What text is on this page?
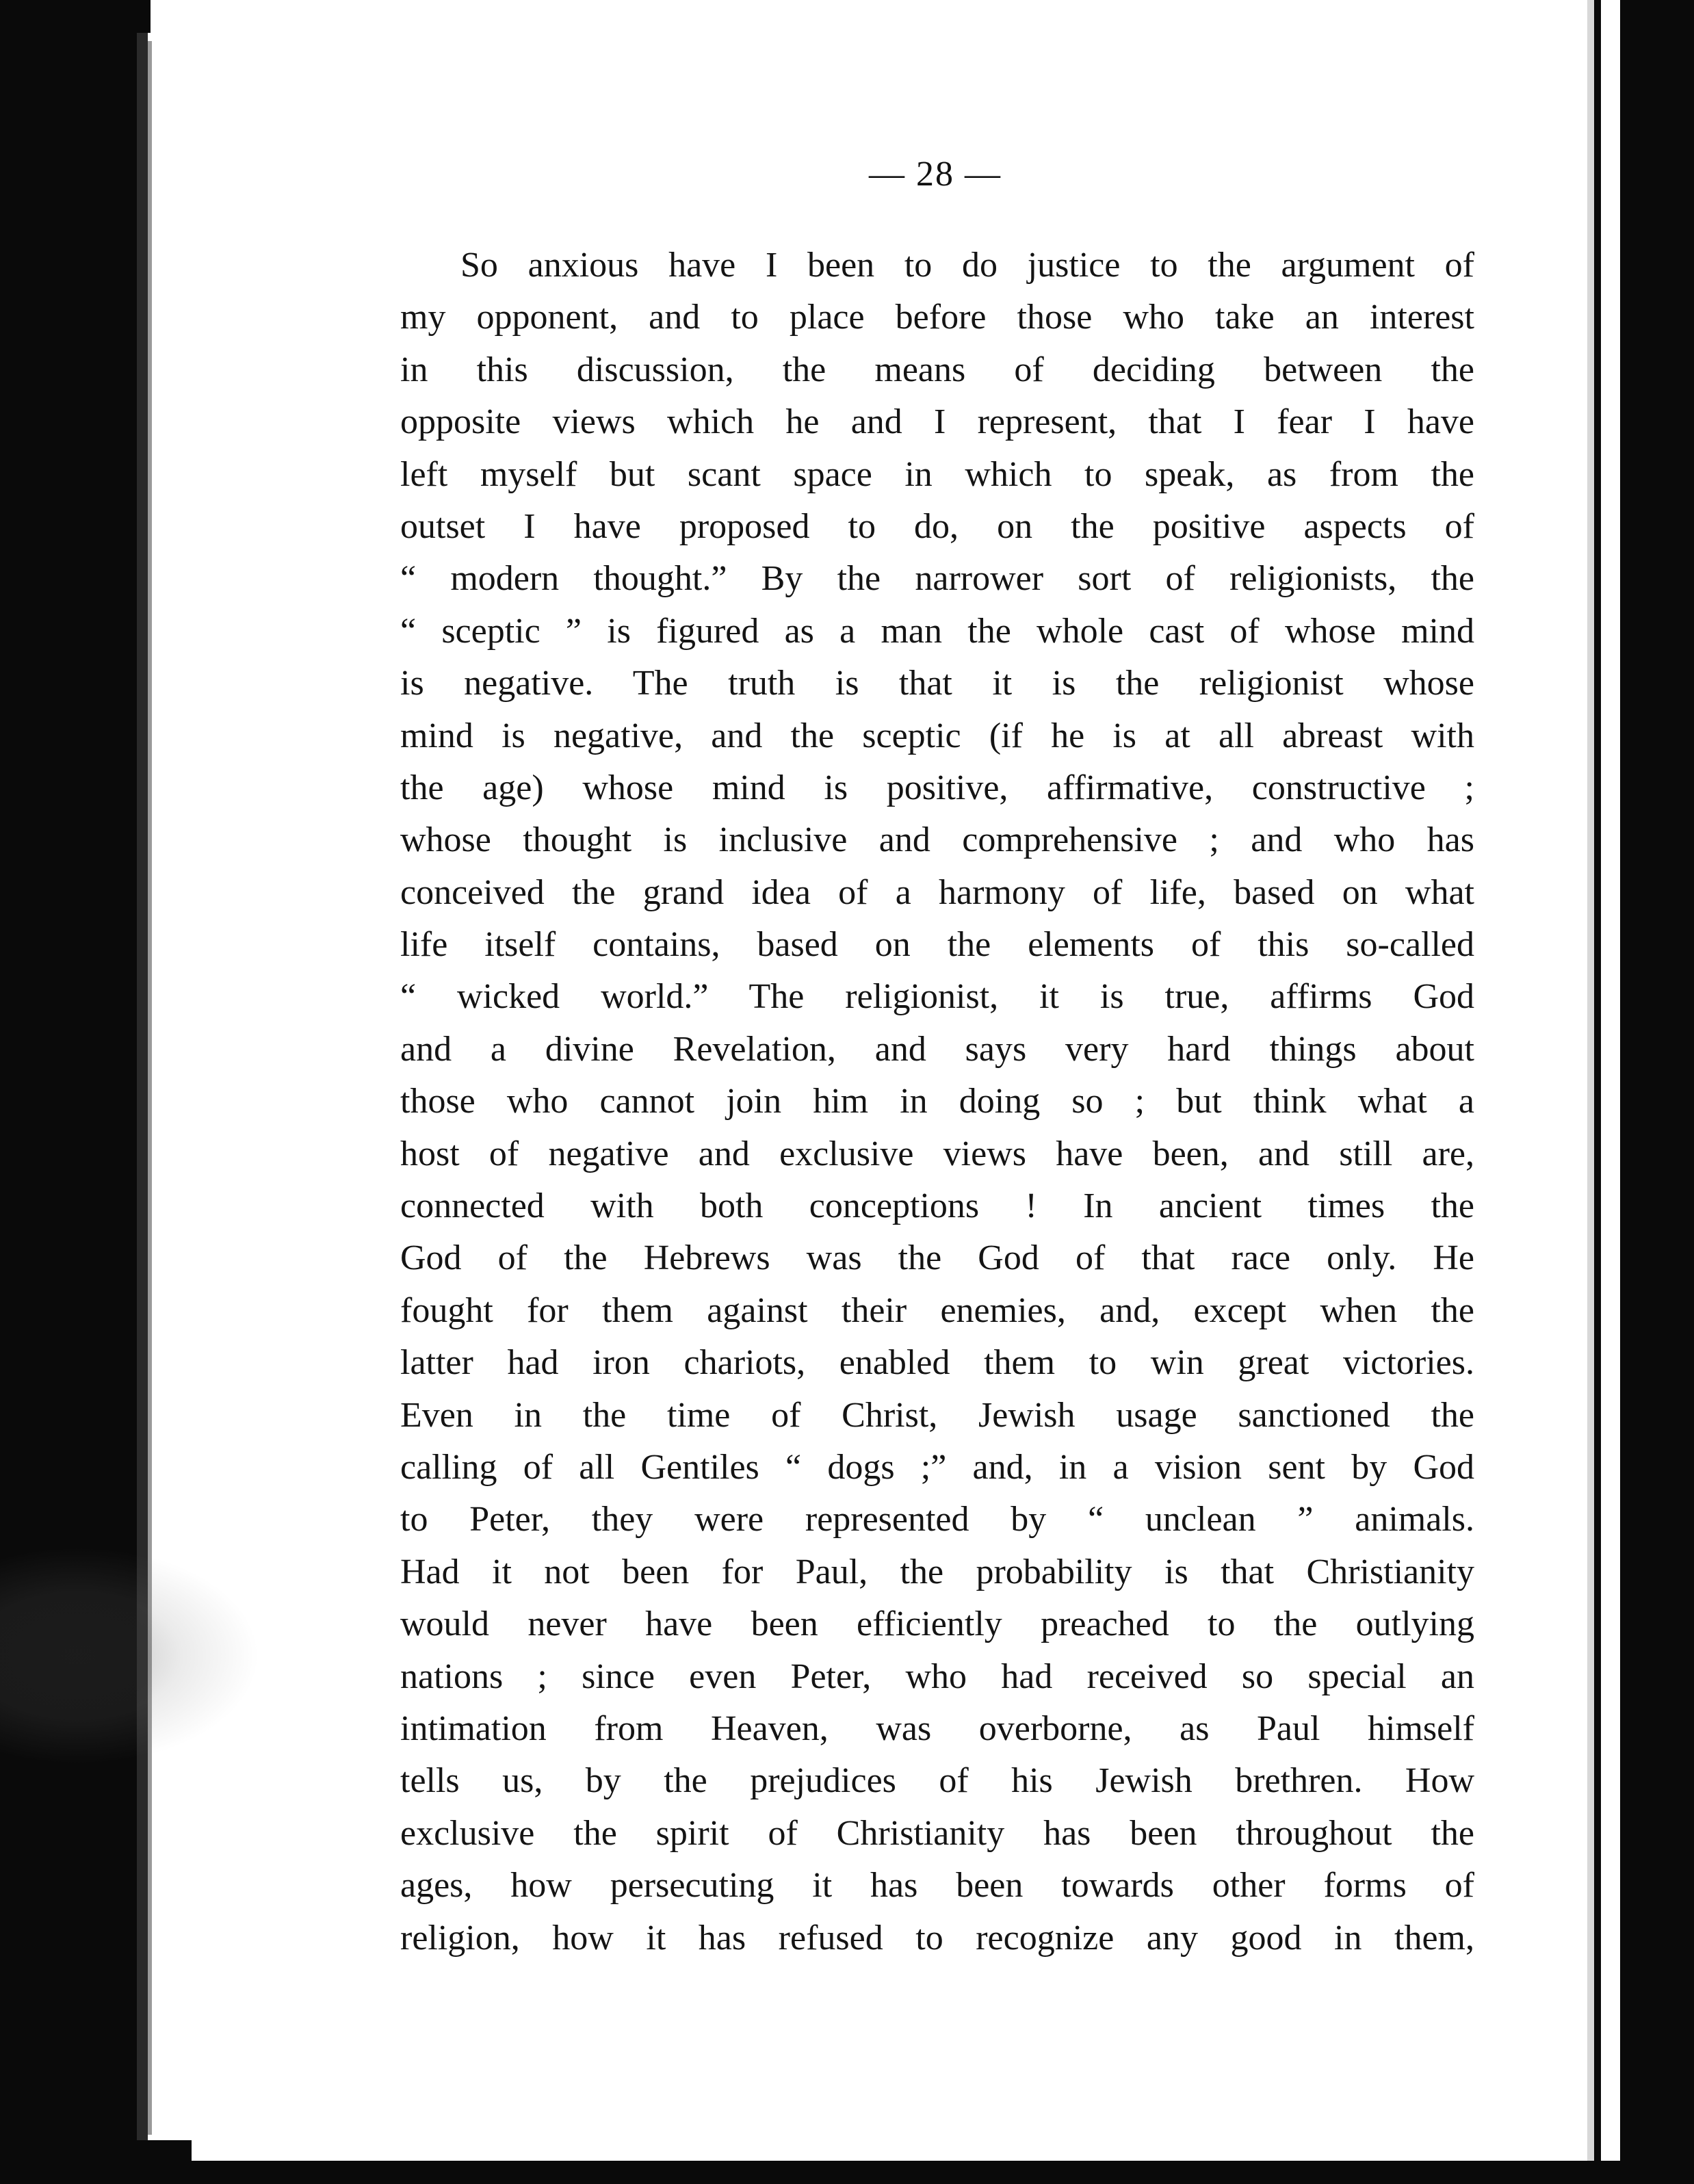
— 28 —
So anxious have I been to do justice to the argument of
my opponent, and to place before those who take an interest
in this discussion, the means of deciding between the
opposite views which he and I represent, that I fear I have
left myself but scant space in which to speak, as from the
outset I have proposed to do, on the positive aspects of
“ modern thought.” By the narrower sort of religionists, the
“ sceptic ” is figured as a man the whole cast of whose mind
is negative. The truth is that it is the religionist whose
mind is negative, and the sceptic (if he is at all abreast with
the age) whose mind is positive, affirmative, constructive ;
whose thought is inclusive and comprehensive ; and who has
conceived the grand idea of a harmony of life, based on what
life itself contains, based on the elements of this so-called
“ wicked world.” The religionist, it is true, affirms God
and a divine Revelation, and says very hard things about
those who cannot join him in doing so ; but think what a
host of negative and exclusive views have been, and still are,
connected with both conceptions ! In ancient times the
God of the Hebrews was the God of that race only. He
fought for them against their enemies, and, except when the
latter had iron chariots, enabled them to win great victories.
Even in the time of Christ, Jewish usage sanctioned the
calling of all Gentiles “ dogs ;” and, in a vision sent by God
to Peter, they were represented by “ unclean ” animals.
Had it not been for Paul, the probability is that Christianity
would never have been efficiently preached to the outlying
nations ; since even Peter, who had received so special an
intimation from Heaven, was overborne, as Paul himself
tells us, by the prejudices of his Jewish brethren. How
exclusive the spirit of Christianity has been throughout the
ages, how persecuting it has been towards other forms of
religion, how it has refused to recognize any good in them,
